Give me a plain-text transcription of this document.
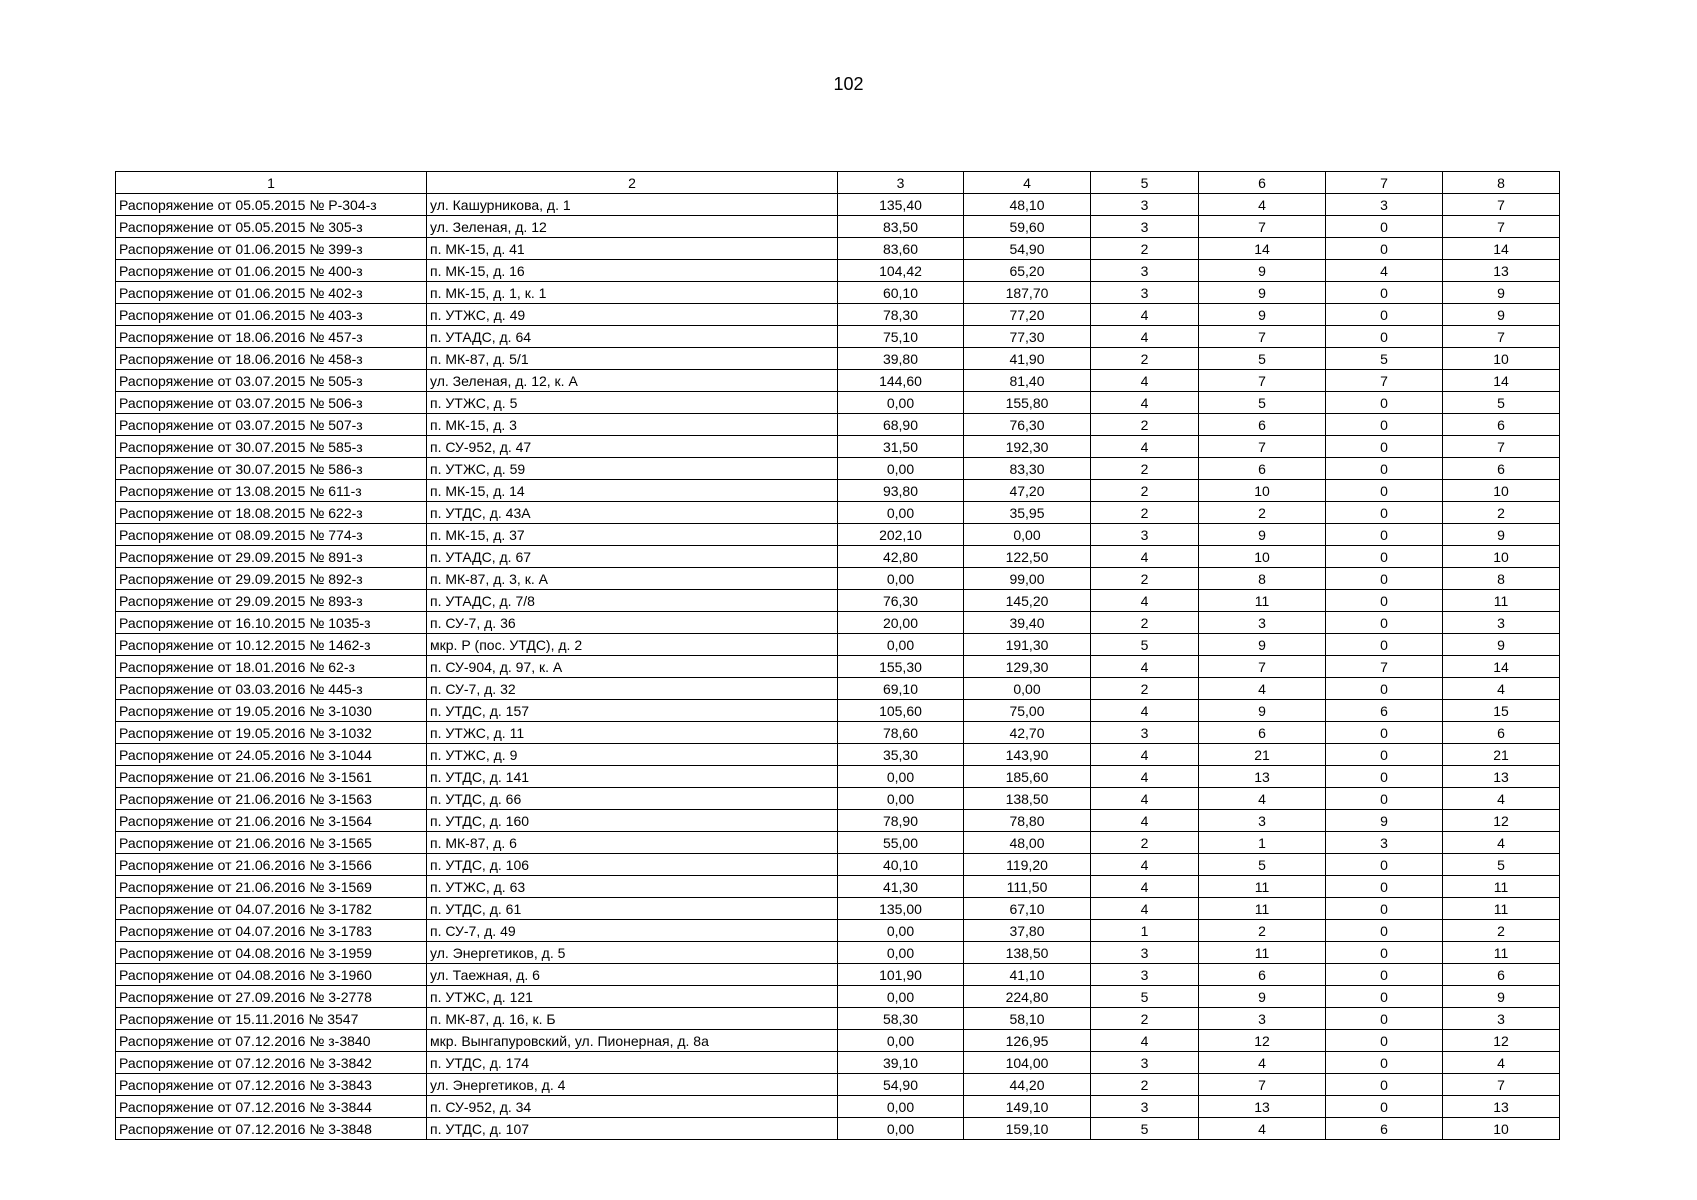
102
1	2	3	4	5	6	7	8
Распоряжение от 05.05.2015 № Р-304-з	ул. Кашурникова, д. 1	135,40	48,10	3	4	3	7
Распоряжение от 05.05.2015 № 305-з	ул. Зеленая, д. 12	83,50	59,60	3	7	0	7
Распоряжение от 01.06.2015 № 399-з	п. МК-15, д. 41	83,60	54,90	2	14	0	14
Распоряжение от 01.06.2015 № 400-з	п. МК-15, д. 16	104,42	65,20	3	9	4	13
Распоряжение от 01.06.2015 № 402-з	п. МК-15, д. 1, к. 1	60,10	187,70	3	9	0	9
Распоряжение от 01.06.2015 № 403-з	п. УТЖС, д. 49	78,30	77,20	4	9	0	9
Распоряжение от 18.06.2016 № 457-з	п. УТАДС, д. 64	75,10	77,30	4	7	0	7
Распоряжение от 18.06.2016 № 458-з	п. МК-87, д. 5/1	39,80	41,90	2	5	5	10
Распоряжение от 03.07.2015 № 505-з	ул. Зеленая, д. 12, к. А	144,60	81,40	4	7	7	14
Распоряжение от 03.07.2015 № 506-з	п. УТЖС, д. 5	0,00	155,80	4	5	0	5
Распоряжение от 03.07.2015 № 507-з	п. МК-15, д. 3	68,90	76,30	2	6	0	6
Распоряжение от 30.07.2015 № 585-з	п. СУ-952, д. 47	31,50	192,30	4	7	0	7
Распоряжение от 30.07.2015 № 586-з	п. УТЖС, д. 59	0,00	83,30	2	6	0	6
Распоряжение от 13.08.2015 № 611-з	п. МК-15, д. 14	93,80	47,20	2	10	0	10
Распоряжение от 18.08.2015 № 622-з	п. УТДС, д. 43А	0,00	35,95	2	2	0	2
Распоряжение от 08.09.2015 № 774-з	п. МК-15, д. 37	202,10	0,00	3	9	0	9
Распоряжение от 29.09.2015 № 891-з	п. УТАДС, д. 67	42,80	122,50	4	10	0	10
Распоряжение от 29.09.2015 № 892-з	п. МК-87, д. 3, к. А	0,00	99,00	2	8	0	8
Распоряжение от 29.09.2015 № 893-з	п. УТАДС, д. 7/8	76,30	145,20	4	11	0	11
Распоряжение от 16.10.2015 № 1035-з	п. СУ-7, д. 36	20,00	39,40	2	3	0	3
Распоряжение от 10.12.2015 № 1462-з	мкр. Р (пос. УТДС), д. 2	0,00	191,30	5	9	0	9
Распоряжение от 18.01.2016 № 62-з	п. СУ-904, д. 97, к. А	155,30	129,30	4	7	7	14
Распоряжение от 03.03.2016 № 445-з	п. СУ-7, д. 32	69,10	0,00	2	4	0	4
Распоряжение от 19.05.2016 № 3-1030	п. УТДС, д. 157	105,60	75,00	4	9	6	15
Распоряжение от 19.05.2016 № 3-1032	п. УТЖС, д. 11	78,60	42,70	3	6	0	6
Распоряжение от 24.05.2016 № 3-1044	п. УТЖС, д. 9	35,30	143,90	4	21	0	21
Распоряжение от 21.06.2016 № 3-1561	п. УТДС, д. 141	0,00	185,60	4	13	0	13
Распоряжение от 21.06.2016 № 3-1563	п. УТДС, д. 66	0,00	138,50	4	4	0	4
Распоряжение от 21.06.2016 № 3-1564	п. УТДС, д. 160	78,90	78,80	4	3	9	12
Распоряжение от 21.06.2016 № 3-1565	п. МК-87, д. 6	55,00	48,00	2	1	3	4
Распоряжение от 21.06.2016 № 3-1566	п. УТДС, д. 106	40,10	119,20	4	5	0	5
Распоряжение от 21.06.2016 № 3-1569	п. УТЖС, д. 63	41,30	111,50	4	11	0	11
Распоряжение от 04.07.2016 № 3-1782	п. УТДС, д. 61	135,00	67,10	4	11	0	11
Распоряжение от 04.07.2016 № 3-1783	п. СУ-7, д. 49	0,00	37,80	1	2	0	2
Распоряжение от 04.08.2016 № 3-1959	ул. Энергетиков, д. 5	0,00	138,50	3	11	0	11
Распоряжение от 04.08.2016 № 3-1960	ул. Таежная, д. 6	101,90	41,10	3	6	0	6
Распоряжение от 27.09.2016 № 3-2778	п. УТЖС, д. 121	0,00	224,80	5	9	0	9
Распоряжение от 15.11.2016 № 3547	п. МК-87, д. 16, к. Б	58,30	58,10	2	3	0	3
Распоряжение от 07.12.2016 № з-3840	мкр. Вынгапуровский, ул. Пионерная, д. 8а	0,00	126,95	4	12	0	12
Распоряжение от 07.12.2016 № 3-3842	п. УТДС, д. 174	39,10	104,00	3	4	0	4
Распоряжение от 07.12.2016 № 3-3843	ул. Энергетиков, д. 4	54,90	44,20	2	7	0	7
Распоряжение от 07.12.2016 № 3-3844	п. СУ-952, д. 34	0,00	149,10	3	13	0	13
Распоряжение от 07.12.2016 № 3-3848	п. УТДС, д. 107	0,00	159,10	5	4	6	10
